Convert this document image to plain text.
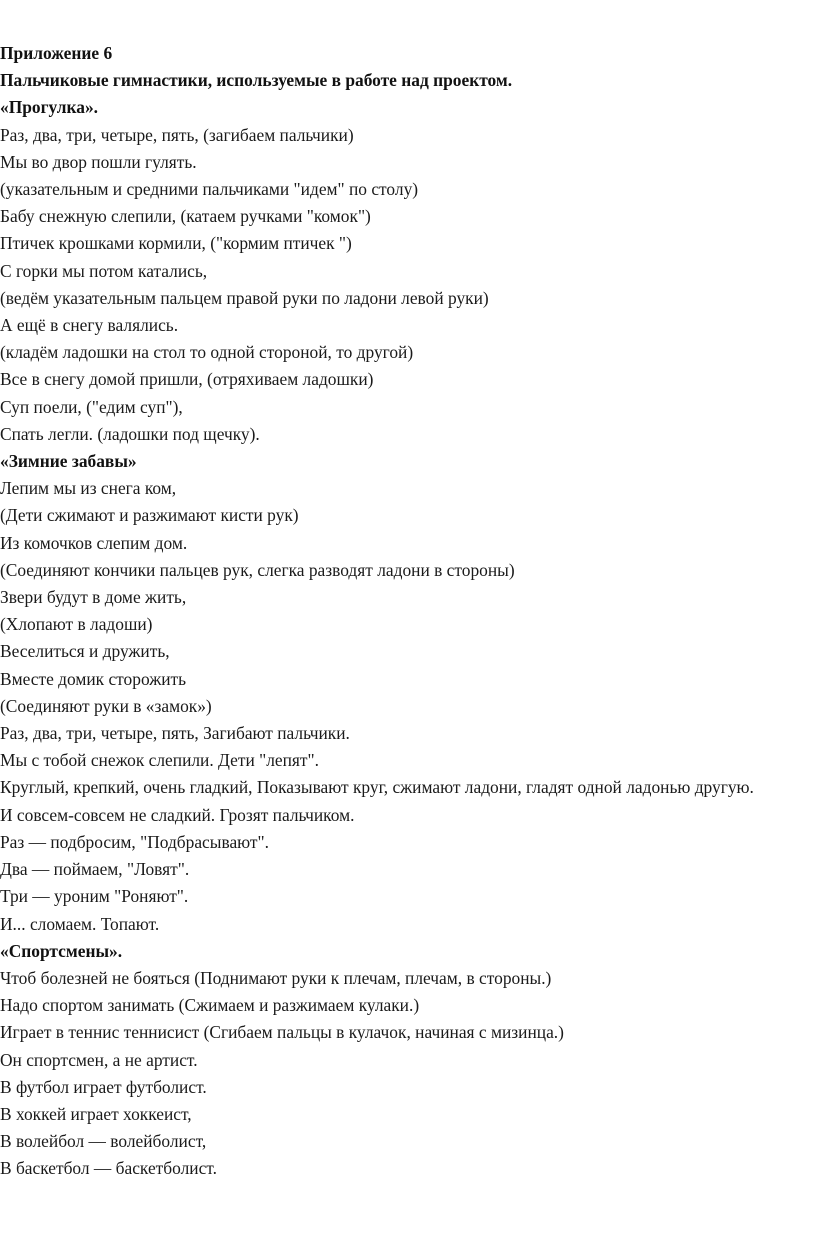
Приложение 6

Пальчиковые гимнастики, используемые в работе над проектом.

«Прогулка».

Раз, два, три, четыре, пять, (загибаем пальчики)

Мы во двор пошли гулять.

(указательным и средними пальчиками "идем" по столу)

Бабу снежную слепили, (катаем ручками "комок")

Птичек крошками кормили, ("кормим птичек ")

С горки мы потом катались,

(ведём указательным пальцем правой руки по ладони левой руки)

А ещё в снегу валялись.

(кладём ладошки на стол то одной стороной, то другой)

Все в снегу домой пришли, (отряхиваем ладошки)

Суп поели, ("едим суп"),

Спать легли. (ладошки под щечку).

«Зимние забавы»

Лепим мы из снега ком,

(Дети сжимают и разжимают кисти рук)

Из комочков слепим дом.

(Соединяют кончики пальцев рук, слегка разводят ладони в стороны)

Звери будут в доме жить,

(Хлопают в ладоши)

Веселиться и дружить,

Вместе домик сторожить

(Соединяют руки в «замок»)

Раз, два, три, четыре, пять, Загибают пальчики.

Мы с тобой снежок слепили. Дети "лепят".

Круглый, крепкий, очень гладкий, Показывают круг, сжимают ладони, гладят одной ладонью другую.

И совсем-совсем не сладкий. Грозят пальчиком.

Раз — подбросим, "Подбрасывают".

Два — поймаем, "Ловят".

Три — уроним "Роняют".

И... сломаем. Топают.

«Спортсмены».

Чтоб болезней не бояться (Поднимают руки к плечам, плечам, в стороны.)

Надо спортом занимать (Сжимаем и разжимаем кулаки.)

Играет в теннис теннисист (Сгибаем пальцы в кулачок, начиная с мизинца.)

Он спортсмен, а не артист.

В футбол играет футболист.

В хоккей играет хоккеист,

В волейбол — волейболист,

В баскетбол — баскетболист.
